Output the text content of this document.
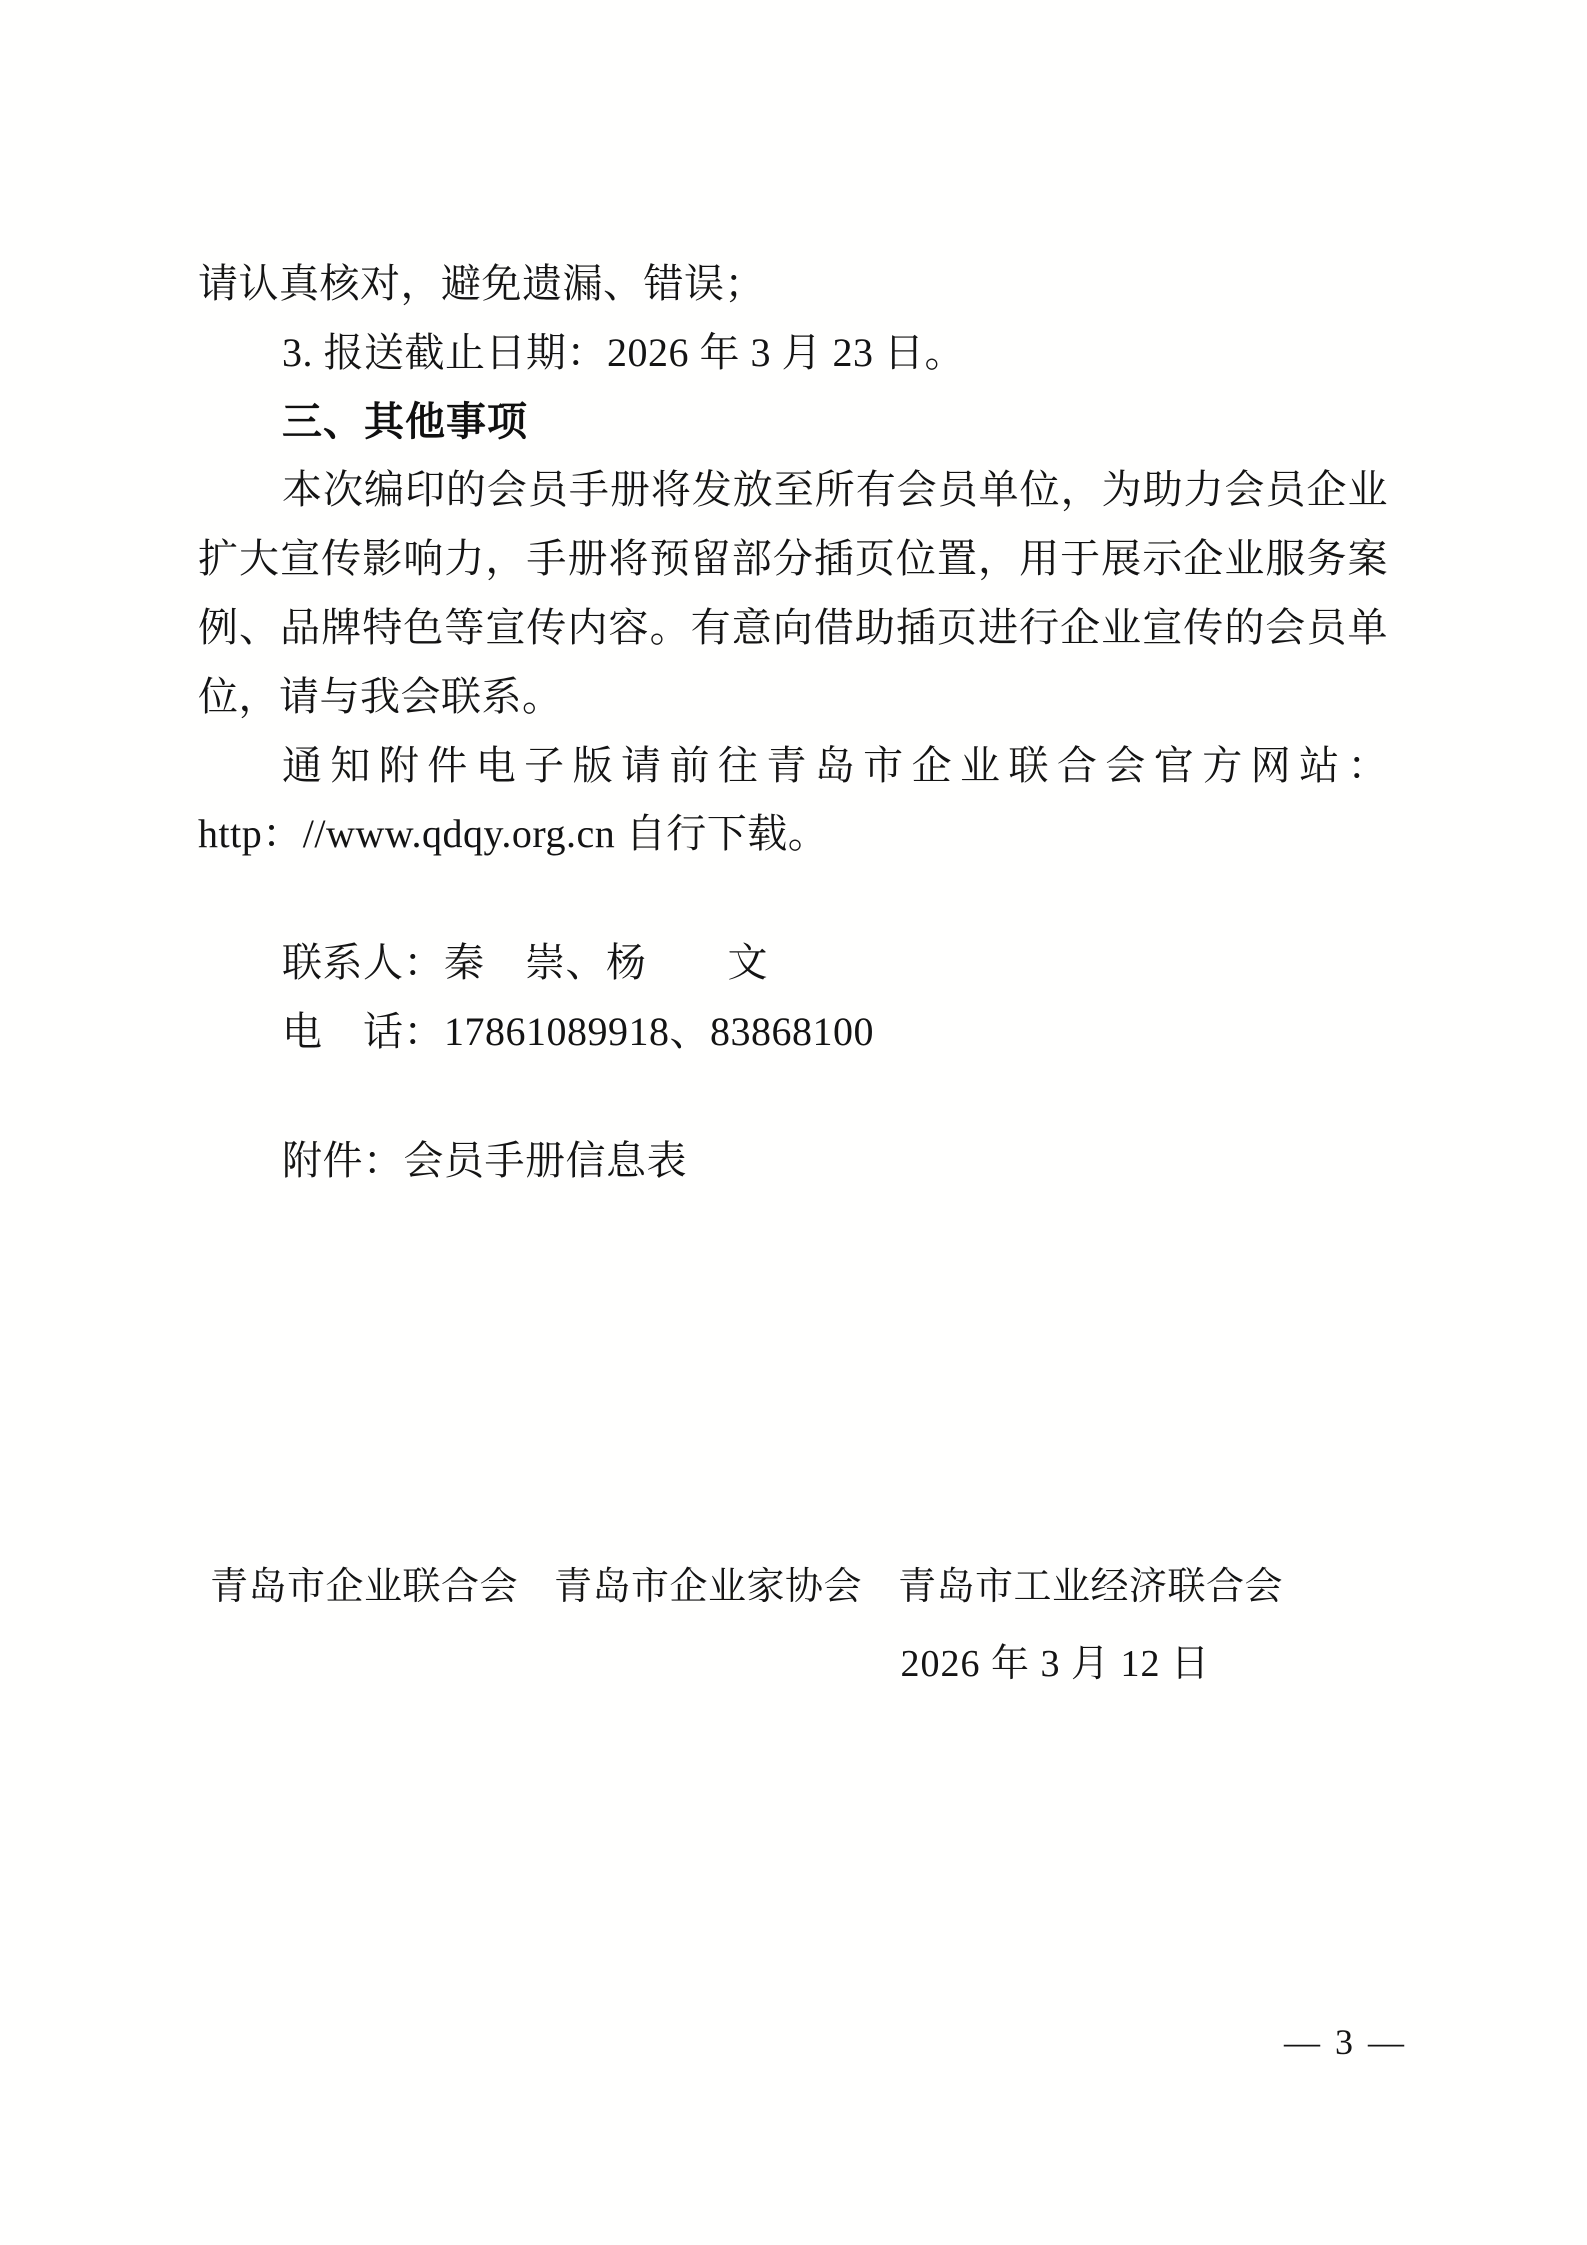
请认真核对，避免遗漏、错误；

3. 报送截止日期：2026 年 3 月 23 日。

三、其他事项

本次编印的会员手册将发放至所有会员单位，为助力会员企业扩大宣传影响力，手册将预留部分插页位置，用于展示企业服务案例、品牌特色等宣传内容。有意向借助插页进行企业宣传的会员单位，请与我会联系。

通知附件电子版请前往青岛市企业联合会官方网站：http：//www.qdqy.org.cn 自行下载。

联系人：秦　崇、杨　　文

电　话：17861089918、83868100

附件：会员手册信息表

青岛市企业联合会 青岛市企业家协会 青岛市工业经济联合会
2026 年 3 月 12 日
— 3 —
